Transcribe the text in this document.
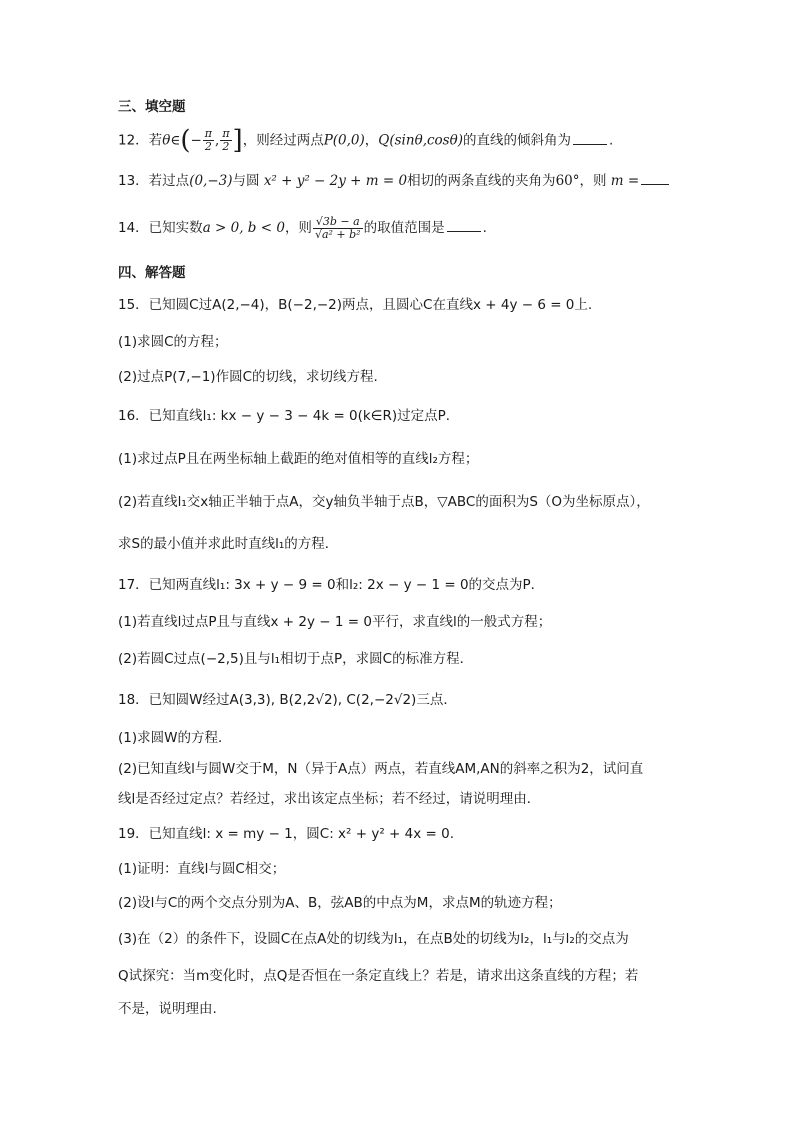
三、填空题
12．若θ∈(− $\frac{\pi}{2}$ , $\frac{\pi}{2}$ ]，则经过两点P(0,0)，Q(sinθ,cosθ)的直线的倾斜角为	.
13．若过点(0,−3)与圆 x² + y² − 2y + m = 0相切的两条直线的夹角为60°，则 m =
14．已知实数a > 0, b < 0，则 $\frac{√3b - a}{\text{√a² + b²}}$ 的取值范围是	.
四、解答题
15．已知圆C过A(2,−4)，B(−2,−2)两点，且圆心C在直线x + 4y − 6 = 0上.
(1)求圆C的方程；
(2)过点P(7,−1)作圆C的切线，求切线方程.
16．已知直线l₁: kx − y − 3 − 4k = 0(k∈R)过定点P．
(1)求过点P且在两坐标轴上截距的绝对值相等的直线l₂方程；
(2)若直线l₁交x轴正半轴于点A，交y轴负半轴于点B，▽ABC的面积为S（O为坐标原点），
求S的最小值并求此时直线l₁的方程．
17．已知两直线l₁: 3x + y − 9 = 0和l₂: 2x − y − 1 = 0的交点为P．
(1)若直线l过点P且与直线x + 2y − 1 = 0平行，求直线l的一般式方程；
(2)若圆C过点(−2,5)且与l₁相切于点P，求圆C的标准方程．
18．已知圆W经过A(3,3), B(2,2√2), C(2,−2√2)三点．
(1)求圆W的方程．
(2)已知直线l与圆W交于M，N（异于A点）两点，若直线AM,AN的斜率之积为2，试问直
线l是否经过定点？若经过，求出该定点坐标；若不经过，请说明理由．
19．已知直线l: x = my − 1，圆C: x² + y² + 4x = 0.
(1)证明：直线l与圆C相交；
(2)设l与C的两个交点分别为A、B，弦AB的中点为M，求点M的轨迹方程；
(3)在（2）的条件下，设圆C在点A处的切线为l₁，在点B处的切线为l₂，l₁与l₂的交点为
Q试探究：当m变化时，点Q是否恒在一条定直线上？若是，请求出这条直线的方程；若
不是，说明理由.
